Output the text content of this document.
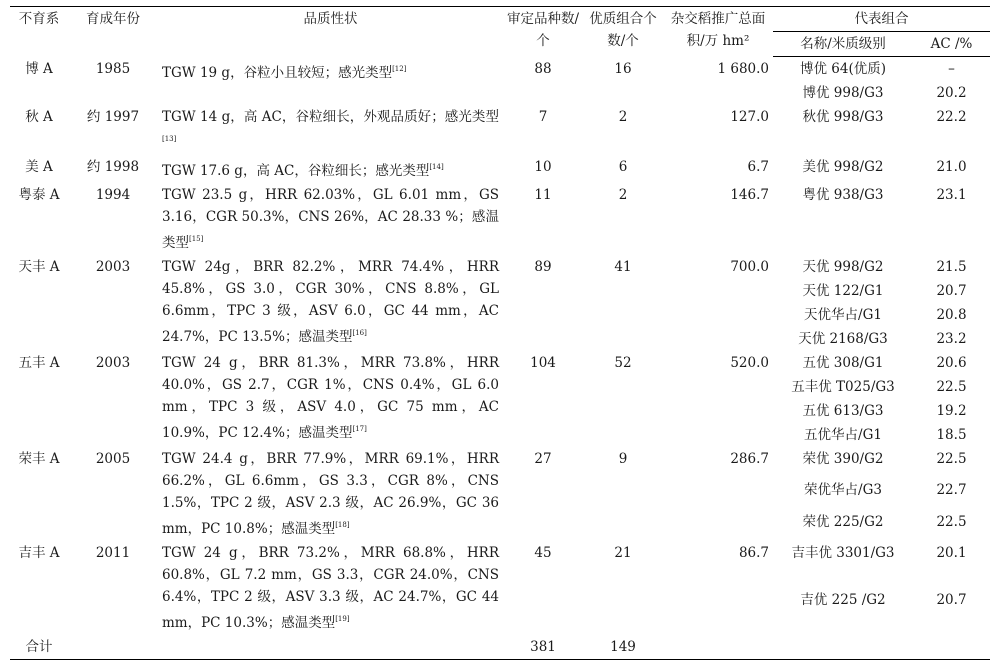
不育系	育成年份	品质性状	审定品种数/个	优质组合个数/个	杂交稻推广总面积/万 hm²	代表组合	
						名称/米质级别	AC /%
博 A	1985	TGW 19 g，谷粒小且较短；感光类型[12]	88	16	1 680.0	博优 64(优质)	–
						博优 998/G3	20.2
秋 A	约 1997	TGW 14 g，高 AC，谷粒细长，外观品质好；感光类型[13]	7	2	127.0	秋优 998/G3	22.2
美 A	约 1998	TGW 17.6 g，高 AC，谷粒细长；感光类型[14]	10	6	6.7	美优 998/G2	21.0
粤泰 A	1994	TGW 23.5 g，HRR 62.03%，GL 6.01 mm，GS 3.16，CGR 50.3%，CNS 26%，AC 28.33 %；感温类型[15]	11	2	146.7	粤优 938/G3	23.1
天丰 A	2003	TGW 24g，BRR 82.2%，MRR 74.4%，HRR 45.8%，GS 3.0，CGR 30%，CNS 8.8%，GL 6.6mm，TPC 3 级，ASV 6.0，GC 44 mm，AC 24.7%，PC 13.5%；感温类型[16]	89	41	700.0	天优 998/G2	21.5
						天优 122/G1	20.7
						天优华占/G1	20.8
						天优 2168/G3	23.2
五丰 A	2003	TGW 24 g，BRR 81.3%，MRR 73.8%，HRR 40.0%，GS 2.7，CGR 1%，CNS 0.4%，GL 6.0 mm，TPC 3 级，ASV 4.0，GC 75 mm，AC 10.9%，PC 12.4%；感温类型[17]	104	52	520.0	五优 308/G1	20.6
						五丰优 T025/G3	22.5
						五优 613/G3	19.2
						五优华占/G1	18.5
荣丰 A	2005	TGW 24.4 g，BRR 77.9%，MRR 69.1%，HRR 66.2%，GL 6.6mm，GS 3.3，CGR 8%，CNS 1.5%，TPC 2 级，ASV 2.3 级，AC 26.9%，GC 36 mm，PC 10.8%；感温类型[18]	27	9	286.7	荣优 390/G2	22.5
						荣优华占/G3	22.7
						荣优 225/G2	22.5
吉丰 A	2011	TGW 24 g，BRR 73.2%，MRR 68.8%，HRR 60.8%，GL 7.2 mm，GS 3.3，CGR 24.0%，CNS 6.4%，TPC 2 级，ASV 3.3 级，AC 24.7%，GC 44 mm，PC 10.3%；感温类型[19]	45	21	86.7	吉丰优 3301/G3	20.1
						吉优 225 /G2	20.7
合计			381	149			
